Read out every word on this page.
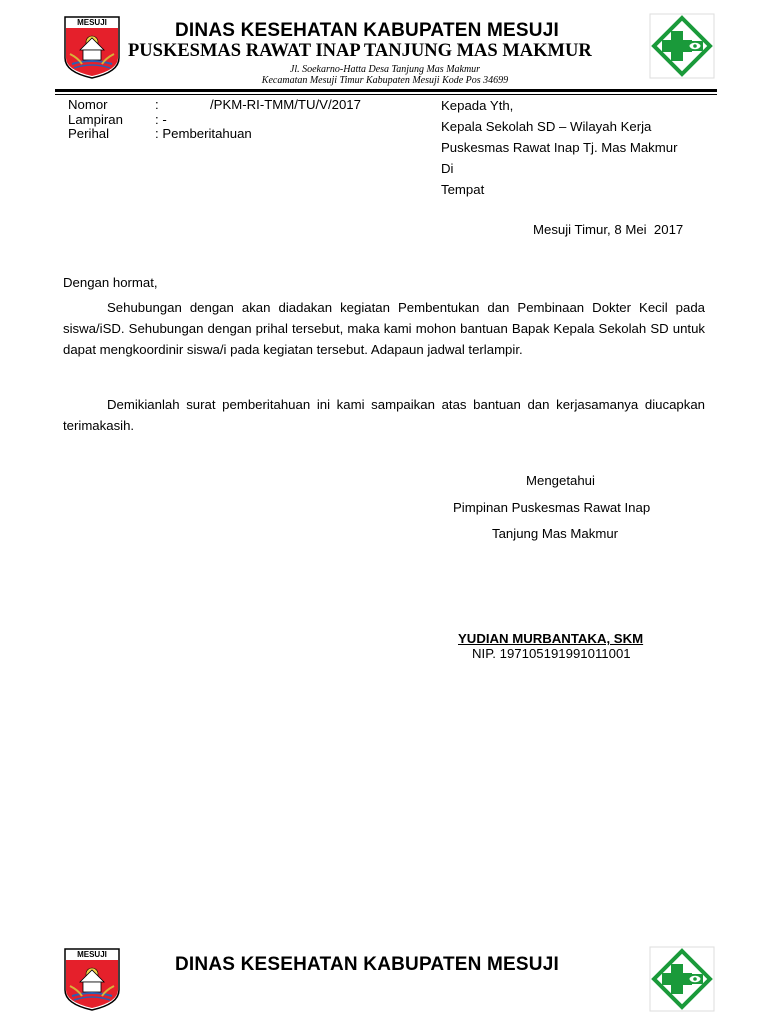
MESUJI	DINAS KESEHATAN KABUPATEN MESUJI
PUSKESMAS RAWAT INAP TANJUNG MAS MAKMUR
Jl. Soekarno-Hatta Desa Tanjung Mas Makmur
Kecamatan Mesuji Timur Kabupaten Mesuji Kode Pos 34699
Nomor	:	/PKM-RI-TMM/TU/V/2017
Lampiran : -
Perihal	: Pemberitahuan
Kepada Yth,
Kepala Sekolah SD – Wilayah Kerja
Puskesmas Rawat Inap Tj. Mas Makmur
Di
Tempat
Mesuji Timur, 8 Mei  2017
Dengan hormat,
Sehubungan dengan akan diadakan kegiatan Pembentukan dan Pembinaan Dokter Kecil pada siswa/iSD. Sehubungan dengan prihal tersebut, maka kami mohon bantuan Bapak Kepala Sekolah SD untuk dapat mengkoordinir siswa/i pada kegiatan tersebut. Adapaun jadwal terlampir.
Demikianlah surat pemberitahuan ini kami sampaikan atas bantuan dan kerjasamanya diucapkan terimakasih.
Mengetahui
Pimpinan Puskesmas Rawat Inap
Tanjung Mas Makmur
YUDIAN MURBANTAKA, SKM
NIP. 197105191991011001
MESUJI	DINAS KESEHATAN KABUPATEN MESUJI
